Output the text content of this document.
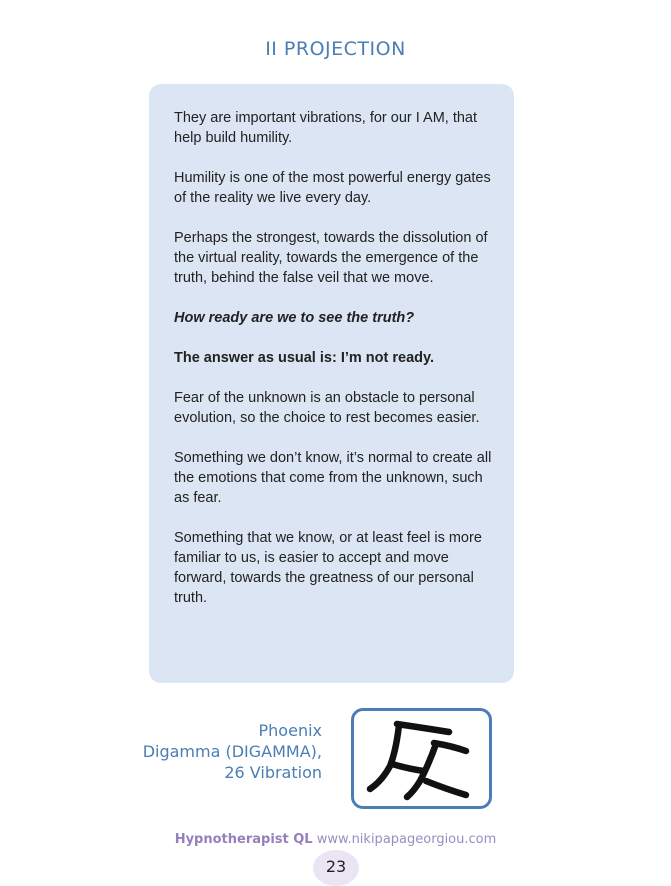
II PROJECTION

They are important vibrations, for our I AM, that help build humility.

Humility is one of the most powerful energy gates of the reality we live every day.

Perhaps the strongest, towards the dissolution of the virtual reality, towards the emergence of the truth, behind the false veil that we move.

How ready are we to see the truth?

The answer as usual is: I’m not ready.

Fear of the unknown is an obstacle to personal evolution, so the choice to rest becomes easier.

Something we don’t know, it’s normal to create all the emotions that come from the unknown, such as fear.

Something that we know, or at least feel is more familiar to us, is easier to accept and move forward, towards the greatness of our personal truth.

Phoenix
Digamma (DIGAMMA),
26 Vibration
Hypnotherapist QL www.nikipapageorgiou.com
23
